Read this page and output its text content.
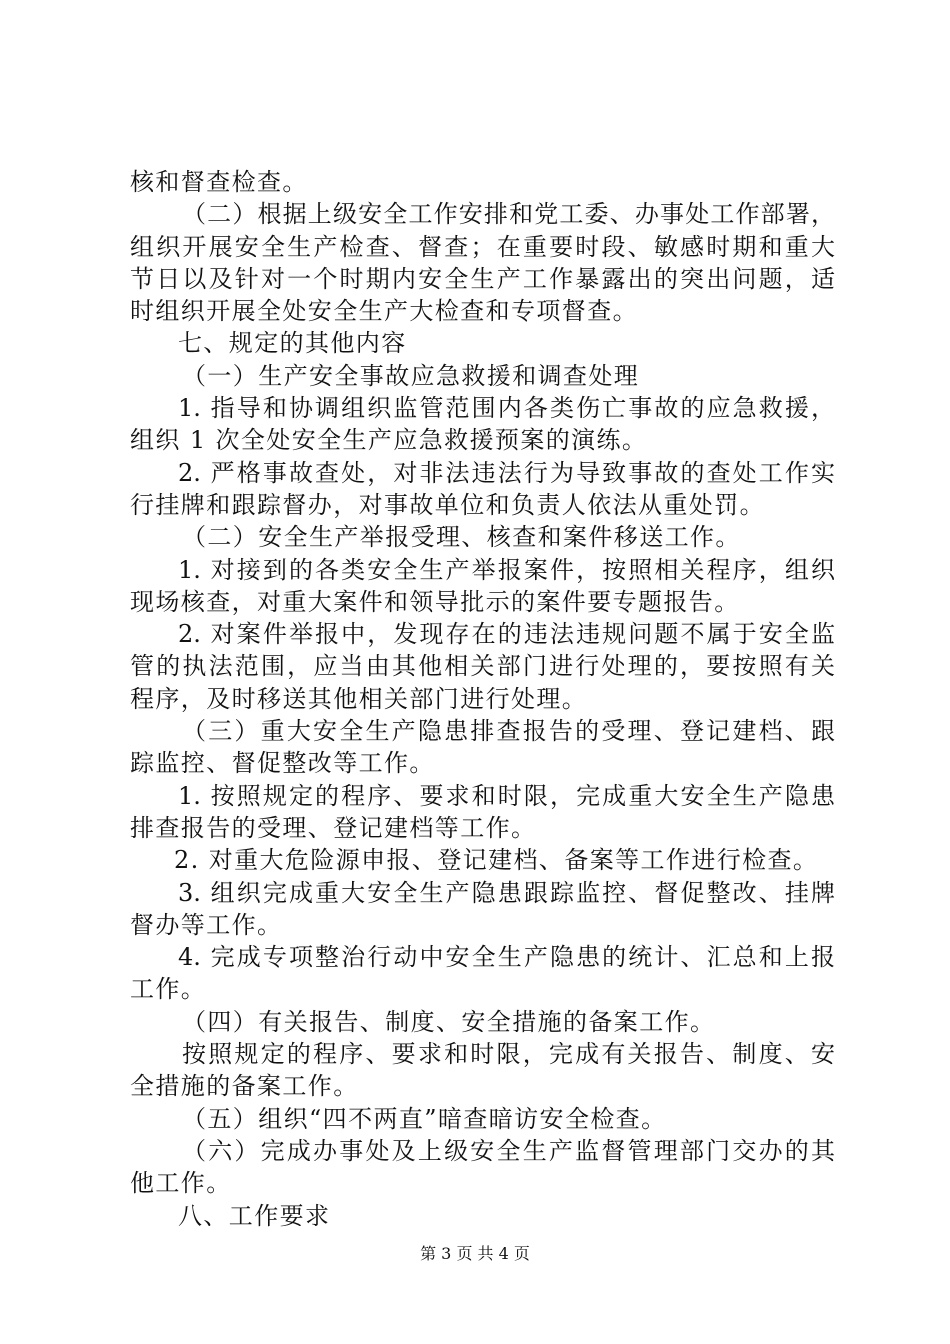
核和督查检查。
（二）根据上级安全工作安排和党工委、办事处工作部署，
组织开展安全生产检查、督查；在重要时段、敏感时期和重大
节日以及针对一个时期内安全生产工作暴露出的突出问题，适
时组织开展全处安全生产大检查和专项督查。
七、规定的其他内容
（一）生产安全事故应急救援和调查处理
1. 指导和协调组织监管范围内各类伤亡事故的应急救援，
组织 1 次全处安全生产应急救援预案的演练。
2. 严格事故查处，对非法违法行为导致事故的查处工作实
行挂牌和跟踪督办，对事故单位和负责人依法从重处罚。
（二）安全生产举报受理、核查和案件移送工作。
1. 对接到的各类安全生产举报案件，按照相关程序，组织
现场核查，对重大案件和领导批示的案件要专题报告。
2. 对案件举报中，发现存在的违法违规问题不属于安全监
管的执法范围，应当由其他相关部门进行处理的，要按照有关
程序，及时移送其他相关部门进行处理。
（三）重大安全生产隐患排查报告的受理、登记建档、跟
踪监控、督促整改等工作。
1. 按照规定的程序、要求和时限，完成重大安全生产隐患
排查报告的受理、登记建档等工作。
2. 对重大危险源申报、登记建档、备案等工作进行检查。
3. 组织完成重大安全生产隐患跟踪监控、督促整改、挂牌
督办等工作。
4. 完成专项整治行动中安全生产隐患的统计、汇总和上报
工作。
（四）有关报告、制度、安全措施的备案工作。
按照规定的程序、要求和时限，完成有关报告、制度、安
全措施的备案工作。
（五）组织“四不两直”暗查暗访安全检查。
（六）完成办事处及上级安全生产监督管理部门交办的其
他工作。
八、工作要求
第 3 页 共 4 页
